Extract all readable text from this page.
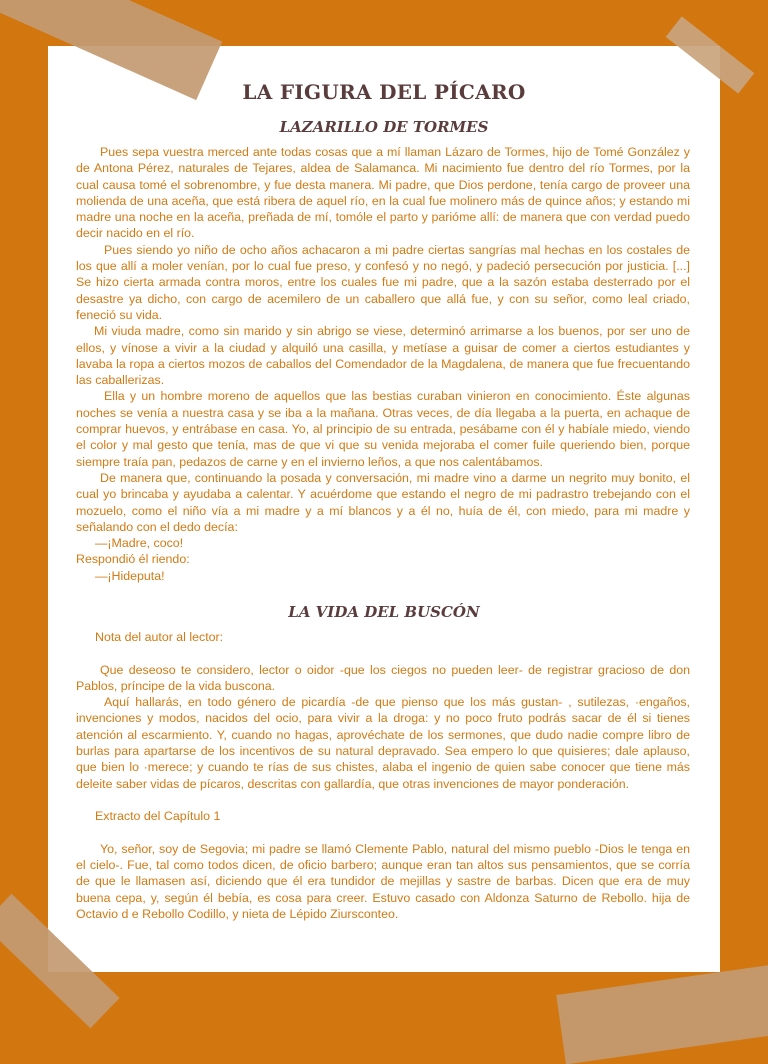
LA FIGURA DEL PÍCARO
LAZARILLO DE TORMES

Pues sepa vuestra merced ante todas cosas que a mí llaman Lázaro de Tormes, hijo de Tomé González y de Antona Pérez, naturales de Tejares, aldea de Salamanca. Mi nacimiento fue dentro del río Tormes, por la cual causa tomé el sobrenombre, y fue desta manera. Mi padre, que Dios perdone, tenía cargo de proveer una molienda de una aceña, que está ribera de aquel río, en la cual fue molinero más de quince años; y estando mi madre una noche en la aceña, preñada de mí, tomóle el parto y parióme allí: de manera que con verdad puedo decir nacido en el río.

Pues siendo yo niño de ocho años achacaron a mi padre ciertas sangrías mal hechas en los costales de los que allí a moler venían, por lo cual fue preso, y confesó y no negó, y padeció persecución por justicia. [...] Se hizo cierta armada contra moros, entre los cuales fue mi padre, que a la sazón estaba desterrado por el desastre ya dicho, con cargo de acemilero de un caballero que allá fue, y con su señor, como leal criado, feneció su vida.

Mi viuda madre, como sin marido y sin abrigo se viese, determinó arrimarse a los buenos, por ser uno de ellos, y vínose a vivir a la ciudad y alquiló una casilla, y metíase a guisar de comer a ciertos estudiantes y lavaba la ropa a ciertos mozos de caballos del Comendador de la Magdalena, de manera que fue frecuentando las caballerizas.

Ella y un hombre moreno de aquellos que las bestias curaban vinieron en conocimiento. Éste algunas noches se venía a nuestra casa y se iba a la mañana. Otras veces, de día llegaba a la puerta, en achaque de comprar huevos, y entrábase en casa. Yo, al principio de su entrada, pesábame con él y habíale miedo, viendo el color y mal gesto que tenía, mas de que vi que su venida mejoraba el comer fuile queriendo bien, porque siempre traía pan, pedazos de carne y en el invierno leños, a que nos calentábamos.

De manera que, continuando la posada y conversación, mi madre vino a darme un negrito muy bonito, el cual yo brincaba y ayudaba a calentar. Y acuérdome que estando el negro de mi padrastro trebejando con el mozuelo, como el niño vía a mi madre y a mí blancos y a él no, huía de él, con miedo, para mi madre y señalando con el dedo decía:

—¡Madre, coco!

Respondió él riendo:

—¡Hideputa!

LA VIDA DEL BUSCÓN

Nota del autor al lector:

Que deseoso te considero, lector o oidor -que los ciegos no pueden leer- de registrar gracioso de don Pablos, príncipe de la vida buscona.

Aquí hallarás, en todo género de picardía -de que pienso que los más gustan- , sutilezas, ·engaños, invenciones y modos, nacidos del ocio, para vivir a la droga: y no poco fruto podrás sacar de él si tienes atención al escarmiento. Y, cuando no hagas, aprovéchate de los sermones, que dudo nadie compre libro de burlas para apartarse de los incentivos de su natural depravado. Sea empero lo que quisieres; dale aplauso, que bien lo ·merece; y cuando te rías de sus chistes, alaba el ingenio de quien sabe conocer que tiene más deleite saber vidas de pícaros, descritas con gallardía, que otras invenciones de mayor ponderación.

Extracto del Capítulo 1

Yo, señor, soy de Segovia; mi padre se llamó Clemente Pablo, natural del mismo pueblo -Dios le tenga en el cielo-. Fue, tal como todos dicen, de oficio barbero; aunque eran tan altos sus pensamientos, que se corría de que le llamasen así, diciendo que él era tundidor de mejillas y sastre de barbas. Dicen que era de muy buena cepa, y, según él bebía, es cosa para creer. Estuvo casado con Aldonza Saturno de Rebollo. hija de Octavio d e Rebollo Codillo, y nieta de Lépido Ziursconteo.
